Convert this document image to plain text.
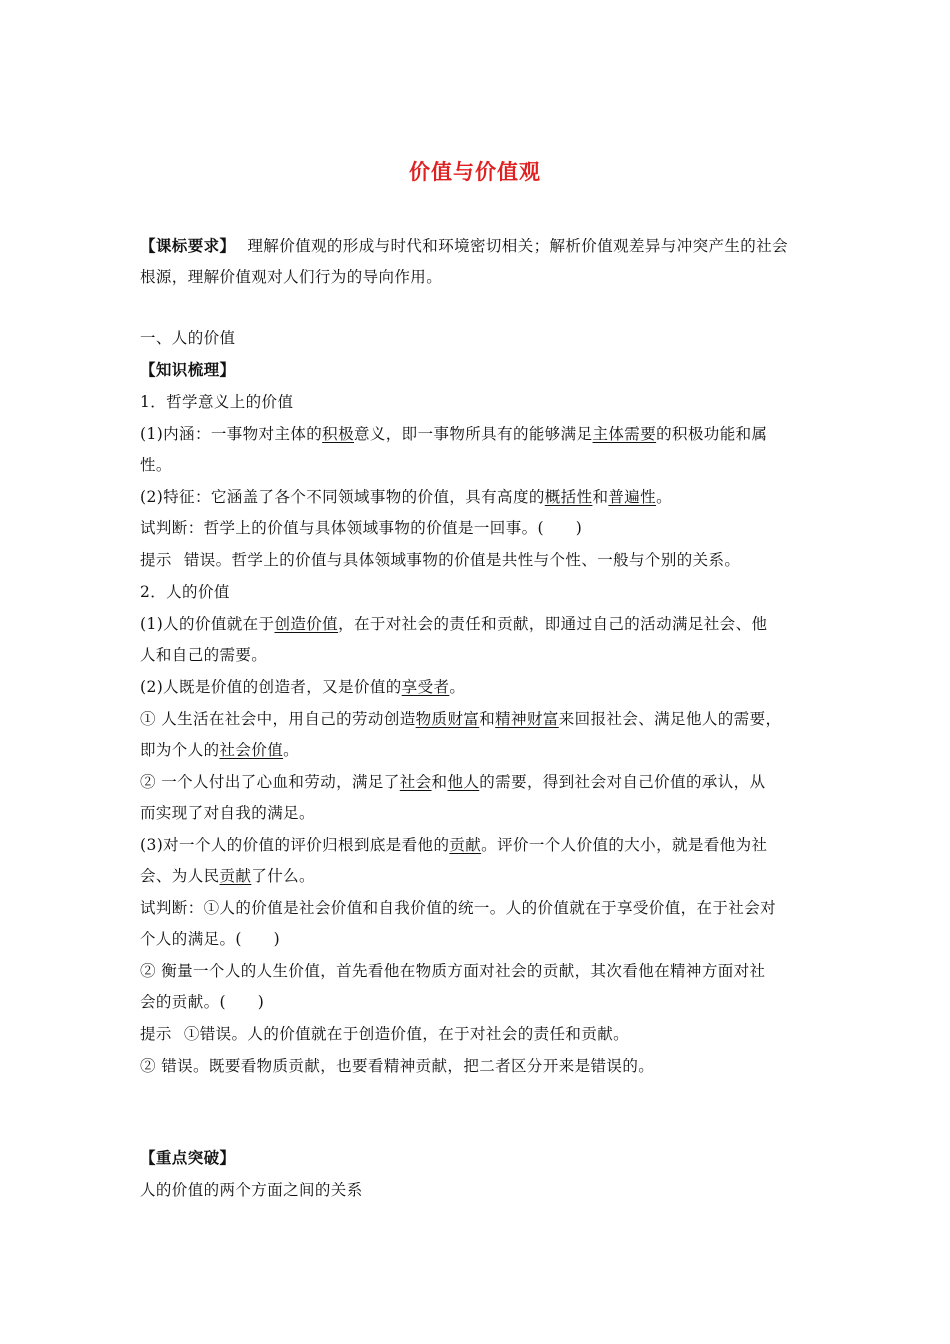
价值与价值观
【课标要求】 理解价值观的形成与时代和环境密切相关；解析价值观差异与冲突产生的社会
根源，理解价值观对人们行为的导向作用。
一、人的价值
【知识梳理】
1．哲学意义上的价值
(1)内涵：一事物对主体的积极意义，即一事物所具有的能够满足主体需要的积极功能和属
性。
(2)特征：它涵盖了各个不同领域事物的价值，具有高度的概括性和普遍性。
试判断：哲学上的价值与具体领域事物的价值是一回事。(　　)
提示 错误。哲学上的价值与具体领域事物的价值是共性与个性、一般与个别的关系。
2．人的价值
(1)人的价值就在于创造价值，在于对社会的责任和贡献，即通过自己的活动满足社会、他
人和自己的需要。
(2)人既是价值的创造者，又是价值的享受者。
① 人生活在社会中，用自己的劳动创造物质财富和精神财富来回报社会、满足他人的需要，
即为个人的社会价值。
② 一个人付出了心血和劳动，满足了社会和他人的需要，得到社会对自己价值的承认，从
而实现了对自我的满足。
(3)对一个人的价值的评价归根到底是看他的贡献。评价一个人价值的大小，就是看他为社
会、为人民贡献了什么。
试判断：①人的价值是社会价值和自我价值的统一。人的价值就在于享受价值，在于社会对
个人的满足。(　　)
② 衡量一个人的人生价值，首先看他在物质方面对社会的贡献，其次看他在精神方面对社
会的贡献。(　　)
提示 ①错误。人的价值就在于创造价值，在于对社会的责任和贡献。
② 错误。既要看物质贡献，也要看精神贡献，把二者区分开来是错误的。
【重点突破】
人的价值的两个方面之间的关系
